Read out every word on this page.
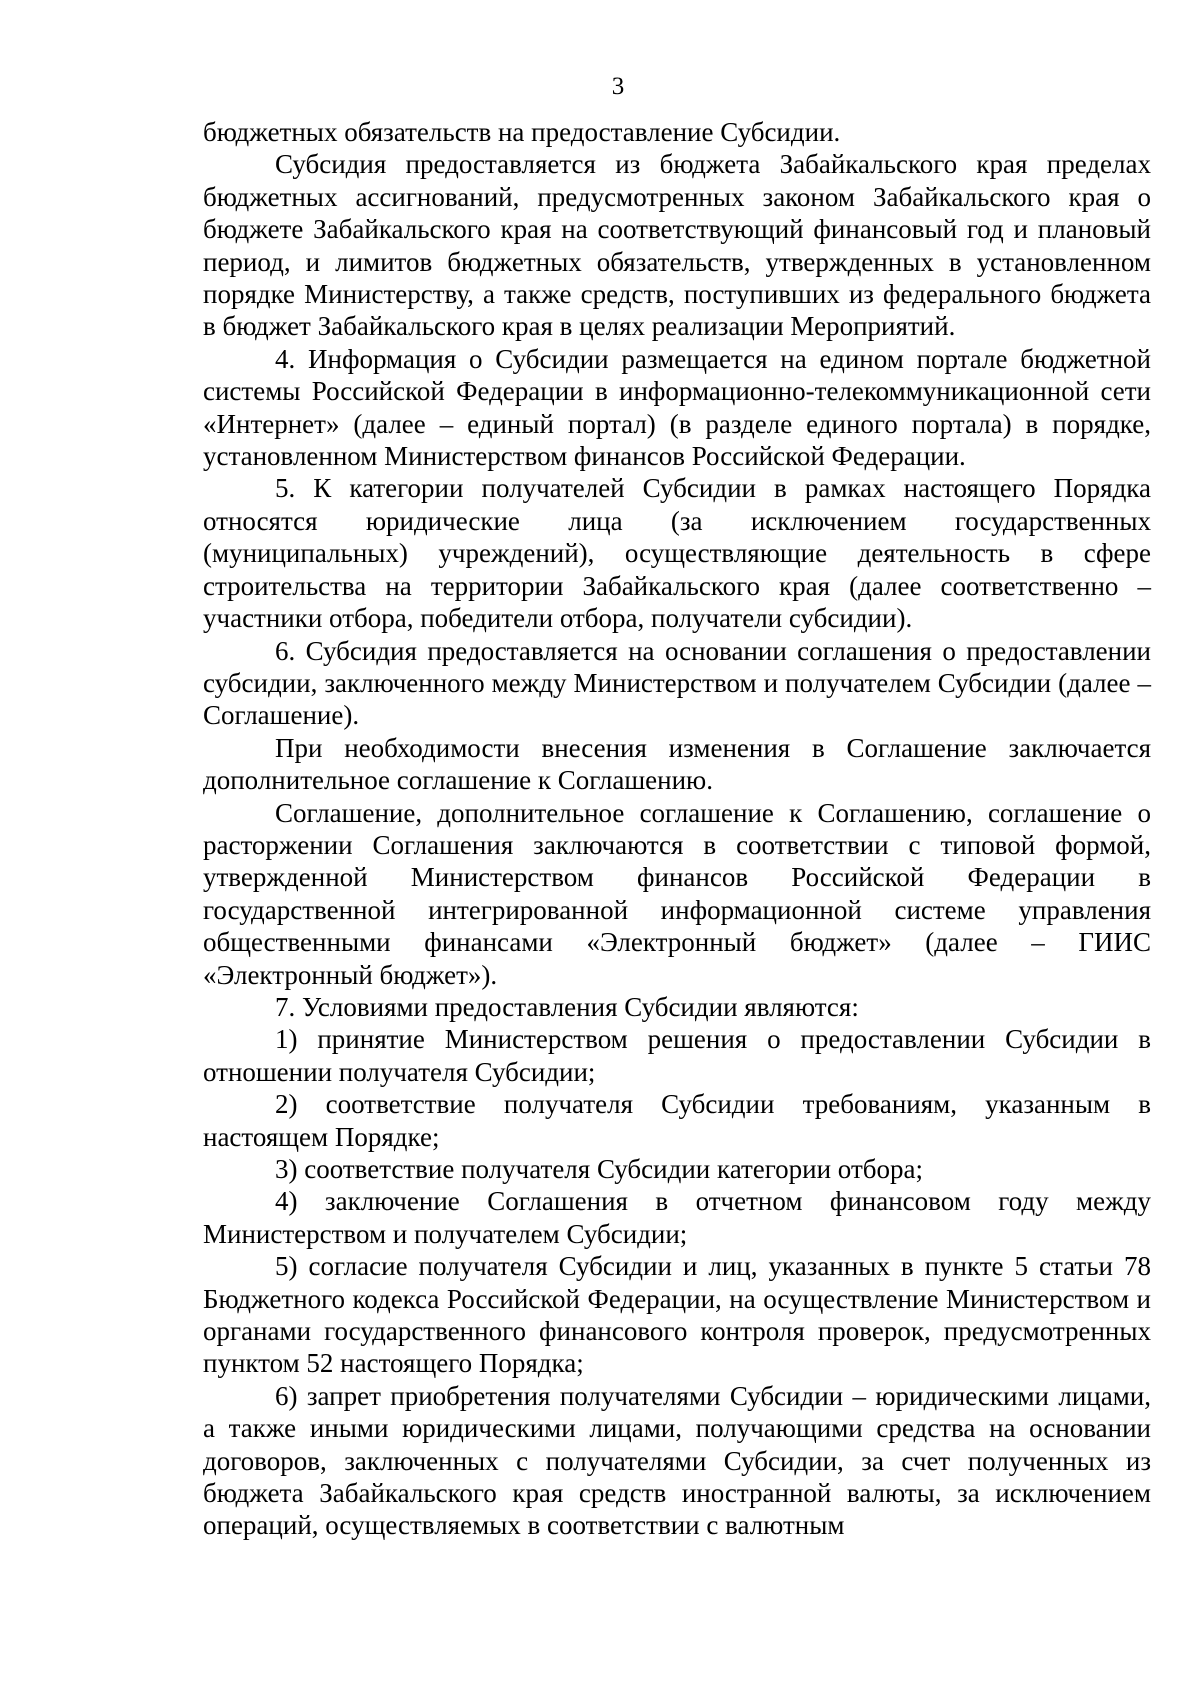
3

бюджетных обязательств на предоставление Субсидии.

Субсидия предоставляется из бюджета Забайкальского края пределах бюджетных ассигнований, предусмотренных законом Забайкальского края о бюджете Забайкальского края на соответствующий финансовый год и плановый период, и лимитов бюджетных обязательств, утвержденных в установленном порядке Министерству, а также средств, поступивших из федерального бюджета в бюджет Забайкальского края в целях реализации Мероприятий.

4. Информация о Субсидии размещается на едином портале бюджетной системы Российской Федерации в информационно-телекоммуникационной сети «Интернет» (далее – единый портал) (в разделе единого портала) в порядке, установленном Министерством финансов Российской Федерации.

5. К категории получателей Субсидии в рамках настоящего Порядка относятся юридические лица (за исключением государственных (муниципальных) учреждений), осуществляющие деятельность в сфере строительства на территории Забайкальского края (далее соответственно – участники отбора, победители отбора, получатели субсидии).

6. Субсидия предоставляется на основании соглашения о предоставлении субсидии, заключенного между Министерством и получателем Субсидии (далее – Соглашение).

При необходимости внесения изменения в Соглашение заключается дополнительное соглашение к Соглашению.

Соглашение, дополнительное соглашение к Соглашению, соглашение о расторжении Соглашения заключаются в соответствии с типовой формой, утвержденной Министерством финансов Российской Федерации в государственной интегрированной информационной системе управления общественными финансами «Электронный бюджет» (далее – ГИИС «Электронный бюджет»).

7. Условиями предоставления Субсидии являются:

1) принятие Министерством решения о предоставлении Субсидии в отношении получателя Субсидии;

2) соответствие получателя Субсидии требованиям, указанным в настоящем Порядке;

3) соответствие получателя Субсидии категории отбора;

4) заключение Соглашения в отчетном финансовом году между Министерством и получателем Субсидии;

5) согласие получателя Субсидии и лиц, указанных в пункте 5 статьи 78 Бюджетного кодекса Российской Федерации, на осуществление Министерством и органами государственного финансового контроля проверок, предусмотренных пунктом 52 настоящего Порядка;

6) запрет приобретения получателями Субсидии – юридическими лицами, а также иными юридическими лицами, получающими средства на основании договоров, заключенных с получателями Субсидии, за счет полученных из бюджета Забайкальского края средств иностранной валюты, за исключением операций, осуществляемых в соответствии с валютным
